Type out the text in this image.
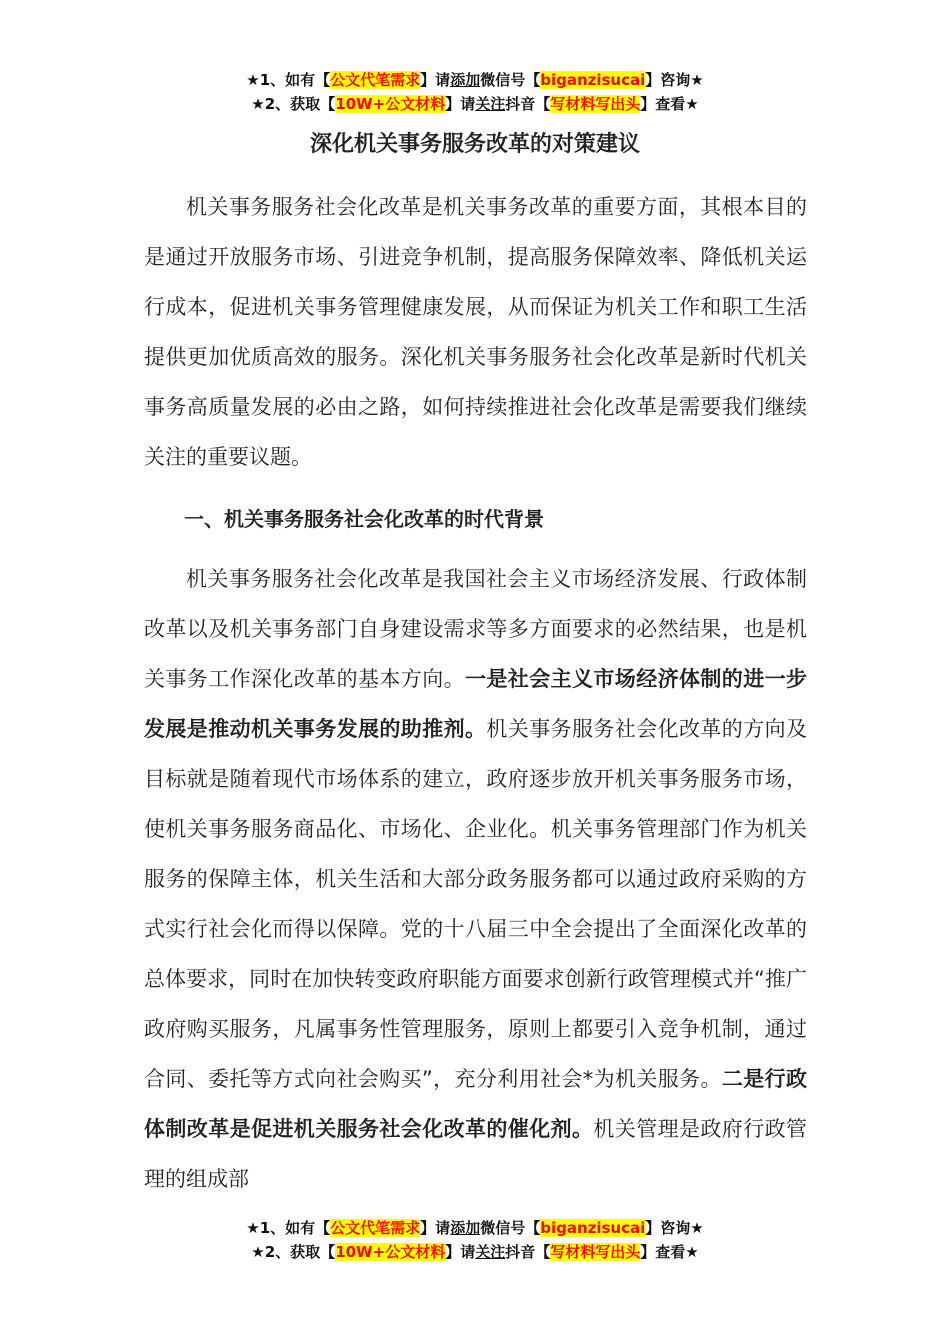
★1、如有【公文代笔需求】请添加微信号【biganzisucai】咨询★
★2、获取【10W+公文材料】请关注抖音【写材料写出头】查看★
深化机关事务服务改革的对策建议

机关事务服务社会化改革是机关事务改革的重要方面，其根本目的是通过开放服务市场、引进竞争机制，提高服务保障效率、降低机关运行成本，促进机关事务管理健康发展，从而保证为机关工作和职工生活提供更加优质高效的服务。深化机关事务服务社会化改革是新时代机关事务高质量发展的必由之路，如何持续推进社会化改革是需要我们继续关注的重要议题。

一、机关事务服务社会化改革的时代背景

机关事务服务社会化改革是我国社会主义市场经济发展、行政体制改革以及机关事务部门自身建设需求等多方面要求的必然结果，也是机关事务工作深化改革的基本方向。一是社会主义市场经济体制的进一步发展是推动机关事务发展的助推剂。机关事务服务社会化改革的方向及目标就是随着现代市场体系的建立，政府逐步放开机关事务服务市场，使机关事务服务商品化、市场化、企业化。机关事务管理部门作为机关服务的保障主体，机关生活和大部分政务服务都可以通过政府采购的方式实行社会化而得以保障。党的十八届三中全会提出了全面深化改革的总体要求，同时在加快转变政府职能方面要求创新行政管理模式并“推广政府购买服务，凡属事务性管理服务，原则上都要引入竞争机制，通过合同、委托等方式向社会购买”，充分利用社会*为机关服务。二是行政体制改革是促进机关服务社会化改革的催化剂。机关管理是政府行政管理的组成部

★1、如有【公文代笔需求】请添加微信号【biganzisucai】咨询★
★2、获取【10W+公文材料】请关注抖音【写材料写出头】查看★
